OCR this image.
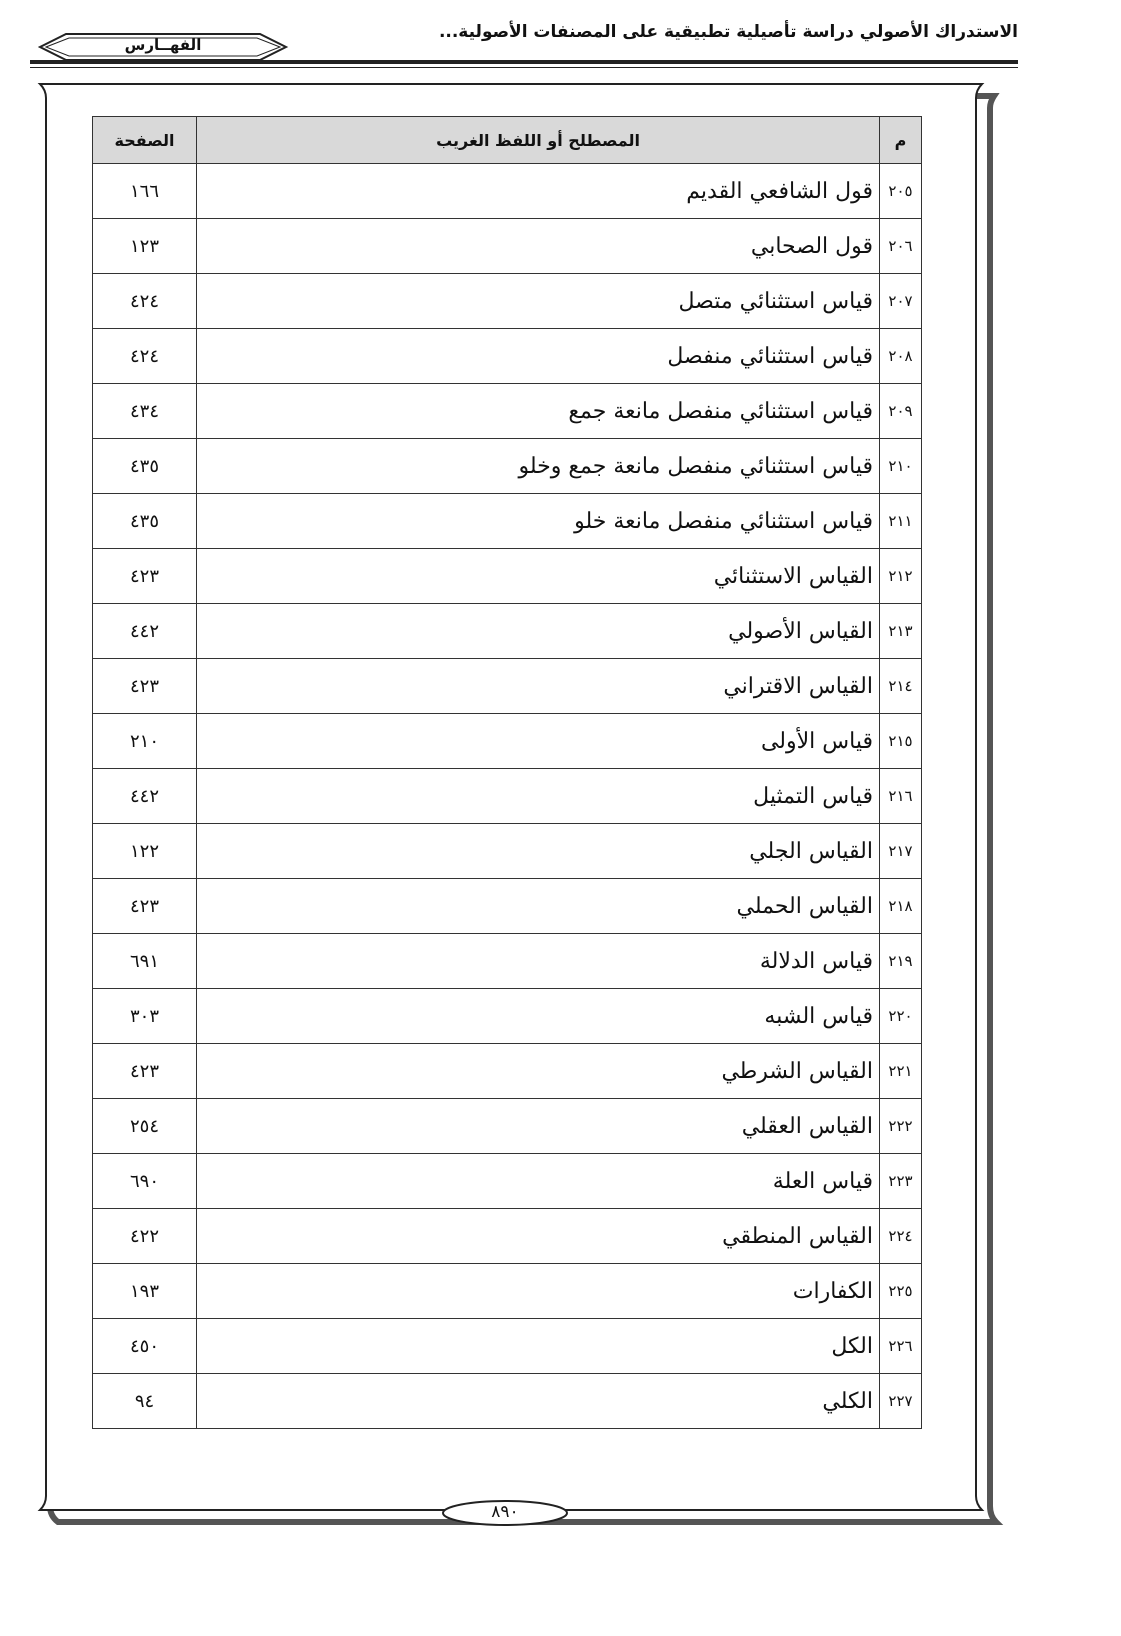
الاستدراك الأصولي دراسة تأصيلية تطبيقية على المصنفات الأصولية...
الفهــارس
م	المصطلح أو اللفظ الغريب	الصفحة
٢٠٥	قول الشافعي القديم	١٦٦
٢٠٦	قول الصحابي	١٢٣
٢٠٧	قياس استثنائي متصل	٤٢٤
٢٠٨	قياس استثنائي منفصل	٤٢٤
٢٠٩	قياس استثنائي منفصل مانعة جمع	٤٣٤
٢١٠	قياس استثنائي منفصل مانعة جمع وخلو	٤٣٥
٢١١	قياس استثنائي منفصل مانعة خلو	٤٣٥
٢١٢	القياس الاستثنائي	٤٢٣
٢١٣	القياس الأصولي	٤٤٢
٢١٤	القياس الاقتراني	٤٢٣
٢١٥	قياس الأولى	٢١٠
٢١٦	قياس التمثيل	٤٤٢
٢١٧	القياس الجلي	١٢٢
٢١٨	القياس الحملي	٤٢٣
٢١٩	قياس الدلالة	٦٩١
٢٢٠	قياس الشبه	٣٠٣
٢٢١	القياس الشرطي	٤٢٣
٢٢٢	القياس العقلي	٢٥٤
٢٢٣	قياس العلة	٦٩٠
٢٢٤	القياس المنطقي	٤٢٢
٢٢٥	الكفارات	١٩٣
٢٢٦	الكل	٤٥٠
٢٢٧	الكلي	٩٤
٨٩٠
